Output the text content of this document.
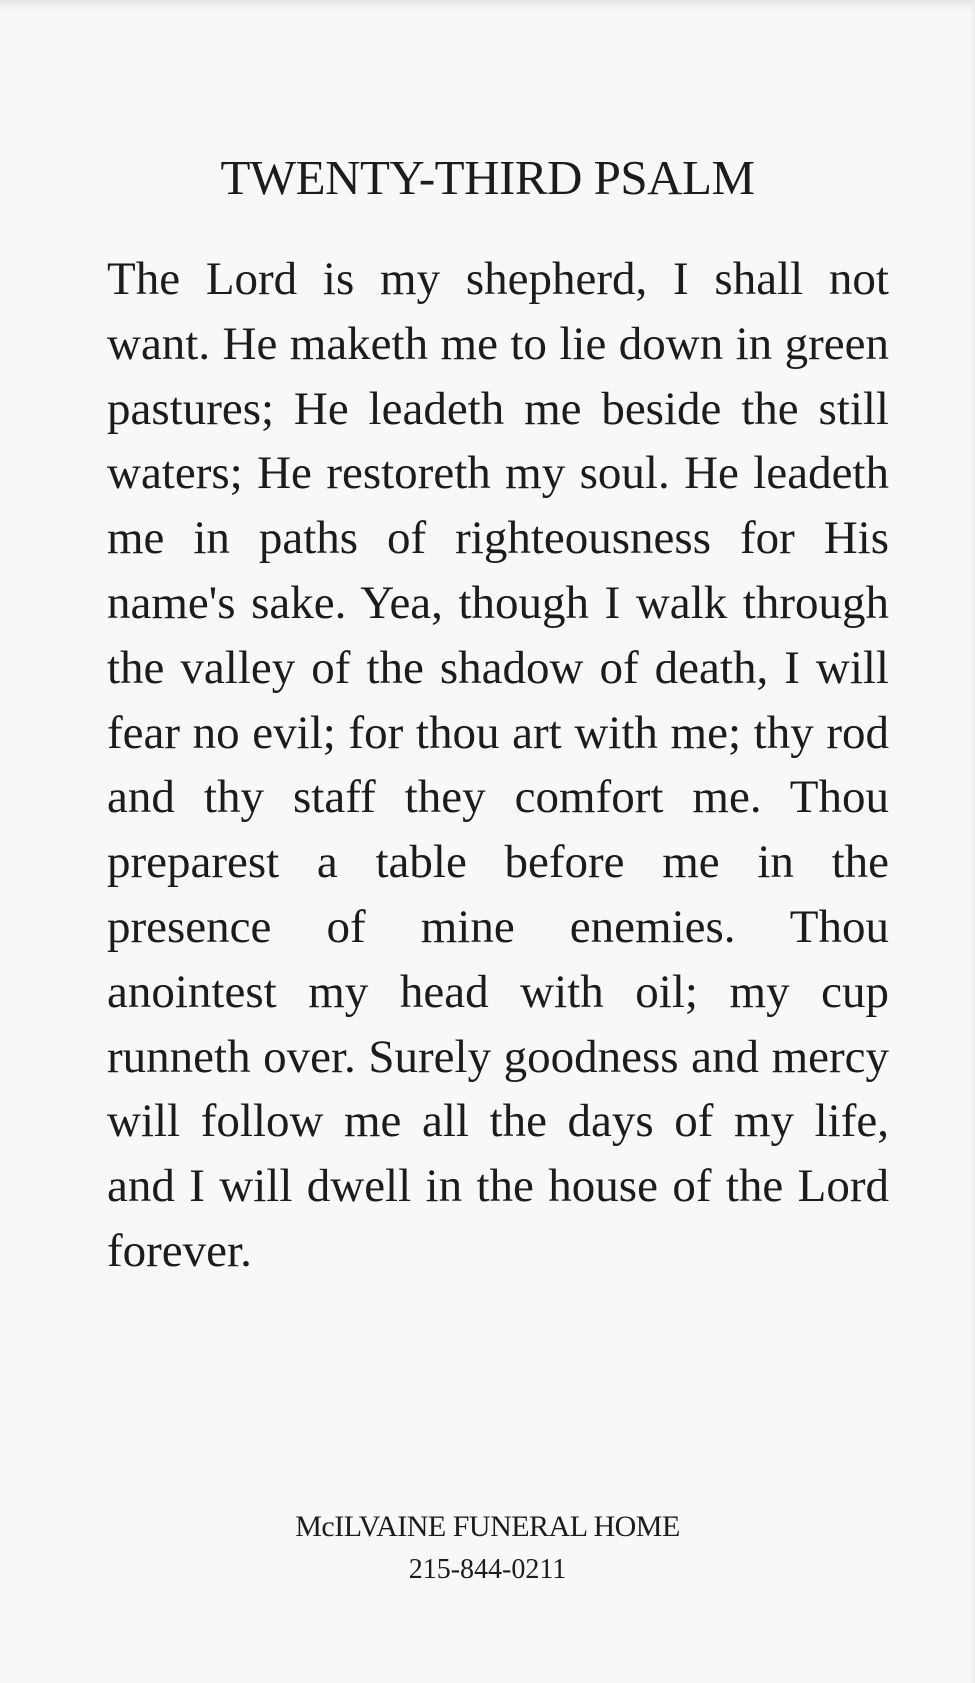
TWENTY-THIRD PSALM
The Lord is my shepherd, I shall not want. He maketh me to lie down in green pastures; He leadeth me beside the still waters; He restoreth my soul. He leadeth me in paths of righteousness for His name's sake. Yea, though I walk through the valley of the shadow of death, I will fear no evil; for thou art with me; thy rod and thy staff they comfort me. Thou preparest a table before me in the presence of mine enemies. Thou anointest my head with oil; my cup runneth over. Surely goodness and mercy will follow me all the days of my life, and I will dwell in the house of the Lord forever.
McILVAINE FUNERAL HOME
215-844-0211
